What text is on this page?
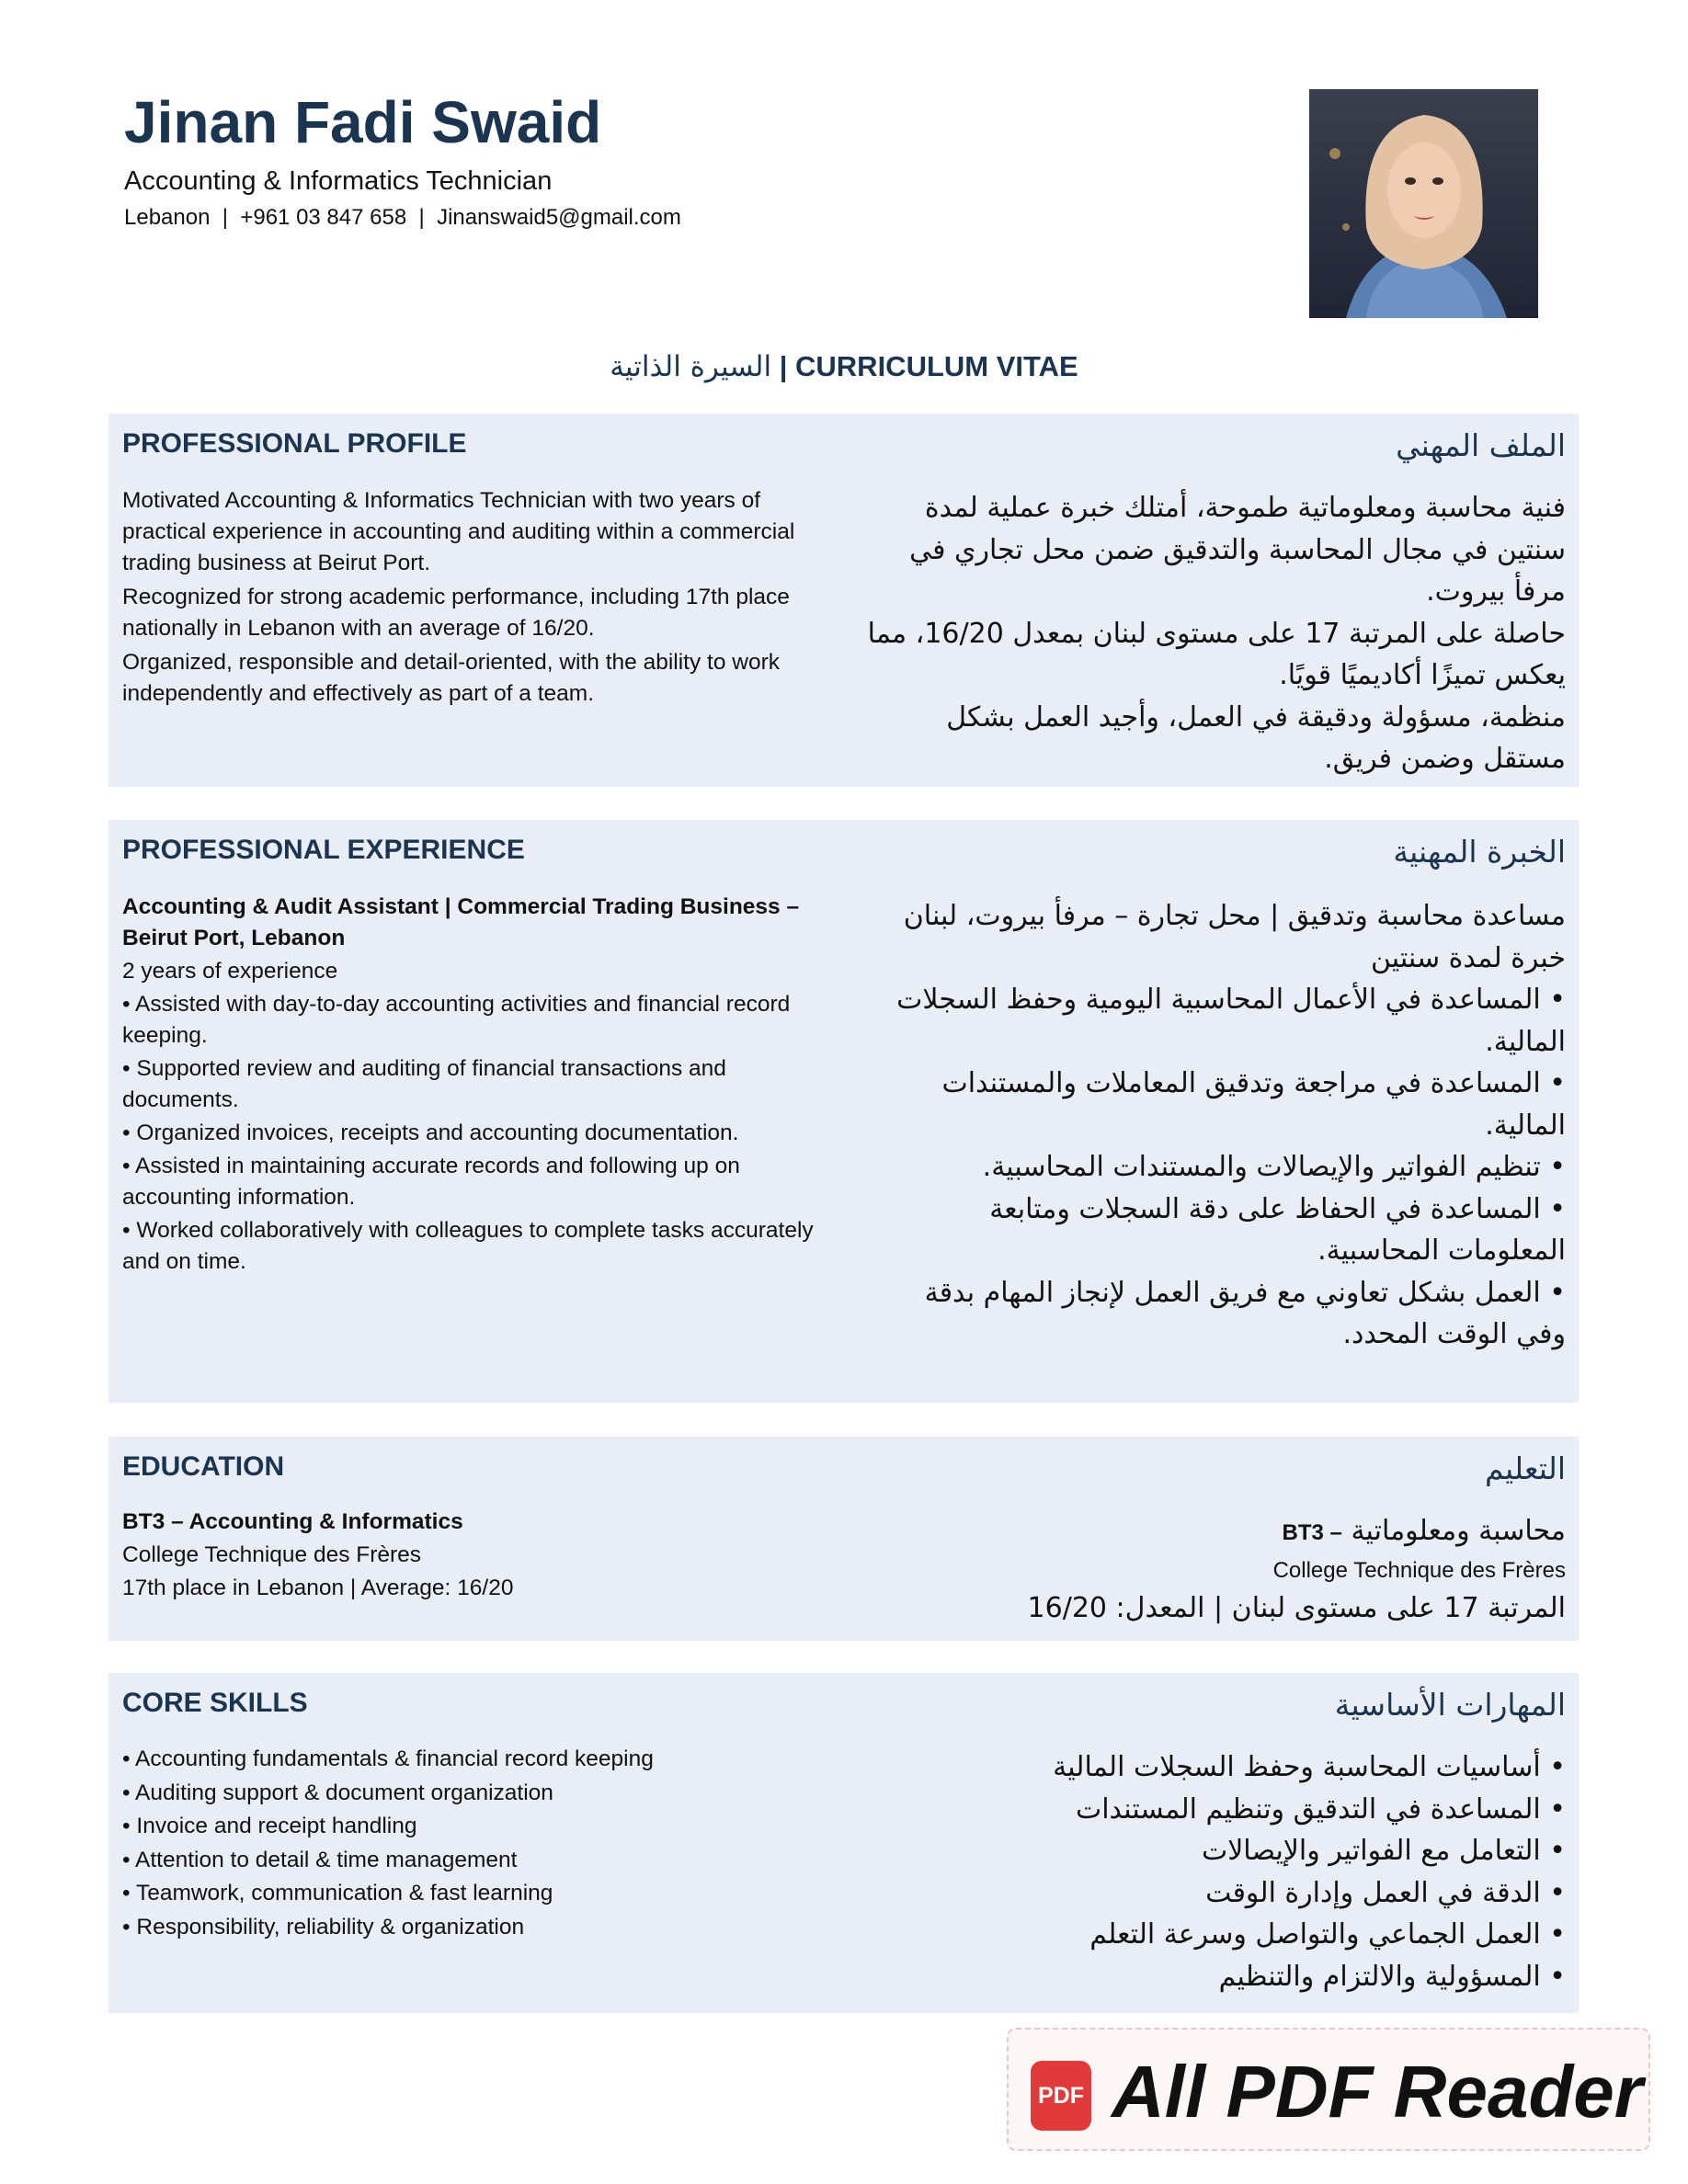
Jinan Fadi Swaid
Accounting & Informatics Technician
Lebanon  |  +961 03 847 658  |  Jinanswaid5@gmail.com
السيرة الذاتية | CURRICULUM VITAE
PROFESSIONAL PROFILE	الملف المهني

Motivated Accounting & Informatics Technician with two years of practical experience in accounting and auditing within a commercial trading business at Beirut Port.

Recognized for strong academic performance, including 17th place nationally in Lebanon with an average of 16/20.

Organized, responsible and detail-oriented, with the ability to work independently and effectively as part of a team.

فنية محاسبة ومعلوماتية طموحة، أمتلك خبرة عملية لمدة سنتين في مجال المحاسبة والتدقيق ضمن محل تجاري في مرفأ بيروت.
حاصلة على المرتبة 17 على مستوى لبنان بمعدل 16/20، مما يعكس تميزًا أكاديميًا قويًا.
منظمة، مسؤولة ودقيقة في العمل، وأجيد العمل بشكل مستقل وضمن فريق.
PROFESSIONAL EXPERIENCE	الخبرة المهنية
Accounting & Audit Assistant | Commercial Trading Business – Beirut Port, Lebanon
2 years of experience
• Assisted with day-to-day accounting activities and financial record keeping.
• Supported review and auditing of financial transactions and documents.
• Organized invoices, receipts and accounting documentation.
• Assisted in maintaining accurate records and following up on accounting information.
• Worked collaboratively with colleagues to complete tasks accurately and on time.
مساعدة محاسبة وتدقيق | محل تجارة – مرفأ بيروت، لبنان
خبرة لمدة سنتين
• المساعدة في الأعمال المحاسبية اليومية وحفظ السجلات المالية.
• المساعدة في مراجعة وتدقيق المعاملات والمستندات المالية.
• تنظيم الفواتير والإيصالات والمستندات المحاسبية.
• المساعدة في الحفاظ على دقة السجلات ومتابعة المعلومات المحاسبية.
• العمل بشكل تعاوني مع فريق العمل لإنجاز المهام بدقة وفي الوقت المحدد.
EDUCATION	التعليم
BT3 – Accounting & Informatics
College Technique des Frères
17th place in Lebanon | Average: 16/20
محاسبة ومعلوماتية BT3 –
College Technique des Frères
المرتبة 17 على مستوى لبنان | المعدل: 16/20
CORE SKILLS	المهارات الأساسية
• Accounting fundamentals & financial record keeping
• Auditing support & document organization
• Invoice and receipt handling
• Attention to detail & time management
• Teamwork, communication & fast learning
• Responsibility, reliability & organization
• أساسيات المحاسبة وحفظ السجلات المالية
• المساعدة في التدقيق وتنظيم المستندات
• التعامل مع الفواتير والإيصالات
• الدقة في العمل وإدارة الوقت
• العمل الجماعي والتواصل وسرعة التعلم
• المسؤولية والالتزام والتنظيم
PDF All PDF Reader
